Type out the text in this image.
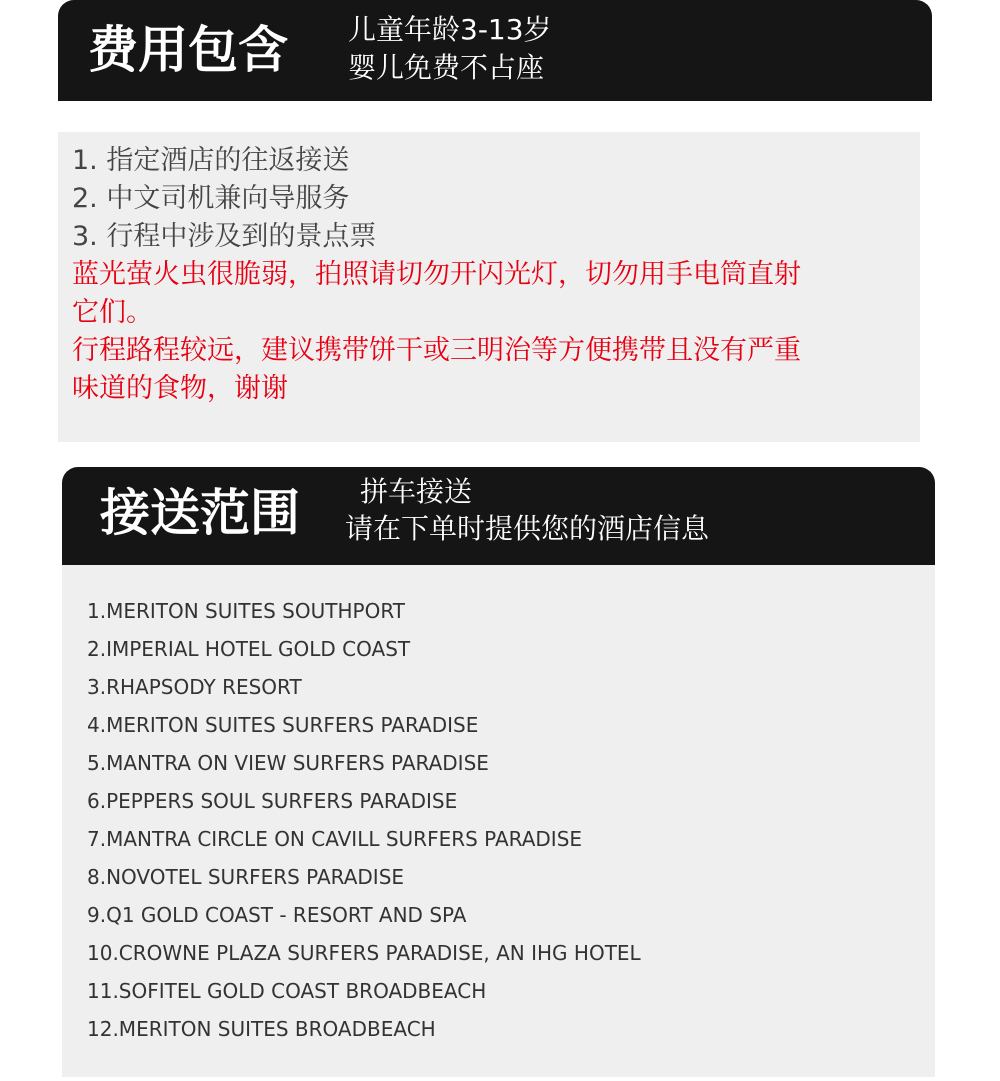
费用包含 儿童年龄3-13岁
婴儿免费不占座
1. 指定酒店的往返接送
2. 中文司机兼向导服务
3. 行程中涉及到的景点票
蓝光萤火虫很脆弱，拍照请切勿开闪光灯，切勿用手电筒直射
它们。
行程路程较远，建议携带饼干或三明治等方便携带且没有严重
味道的食物，谢谢
接送范围 拼车接送
请在下单时提供您的酒店信息
1.MERITON SUITES SOUTHPORT
2.IMPERIAL HOTEL GOLD COAST
3.RHAPSODY RESORT
4.MERITON SUITES SURFERS PARADISE
5.MANTRA ON VIEW SURFERS PARADISE
6.PEPPERS SOUL SURFERS PARADISE
7.MANTRA CIRCLE ON CAVILL SURFERS PARADISE
8.NOVOTEL SURFERS PARADISE
9.Q1 GOLD COAST - RESORT AND SPA
10.CROWNE PLAZA SURFERS PARADISE, AN IHG HOTEL
11.SOFITEL GOLD COAST BROADBEACH
12.MERITON SUITES BROADBEACH
